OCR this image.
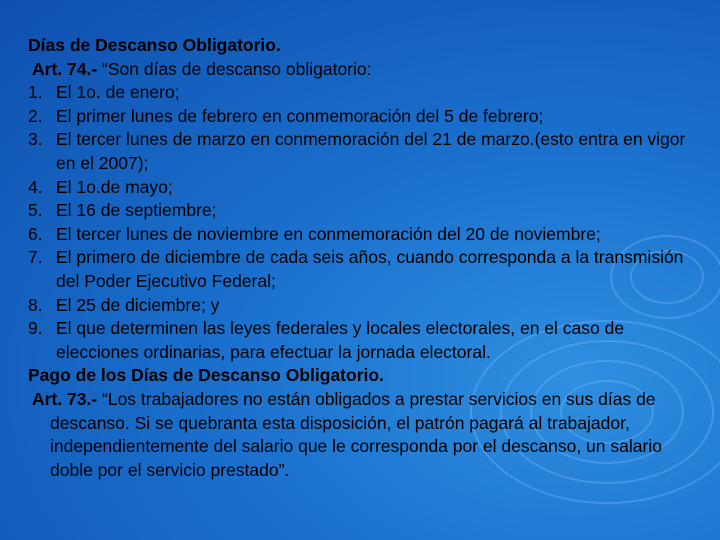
Días de Descanso Obligatorio.

Art. 74.- “Son días de descanso obligatorio:

1. El 1o. de enero;
2. El primer lunes de febrero en conmemoración del 5 de febrero;
3. El tercer lunes de marzo en conmemoración del 21 de marzo.(esto entra en vigor en el 2007);
4. El 1o.de mayo;
5. El 16 de septiembre;
6. El tercer lunes de noviembre en conmemoración del 20 de noviembre;
7. El primero de diciembre de cada seis años, cuando corresponda a la transmisión del Poder Ejecutivo Federal;
8. El 25 de diciembre; y
9. El que determinen las leyes federales y locales electorales, en el caso de elecciones ordinarias, para efectuar la jornada electoral.

Pago de los Días de Descanso Obligatorio.

Art. 73.- “Los trabajadores no están obligados a prestar servicios en sus días de descanso. Si se quebranta esta disposición, el patrón pagará al trabajador, independientemente del salario que le corresponda por el descanso, un salario doble por el servicio prestado”.
